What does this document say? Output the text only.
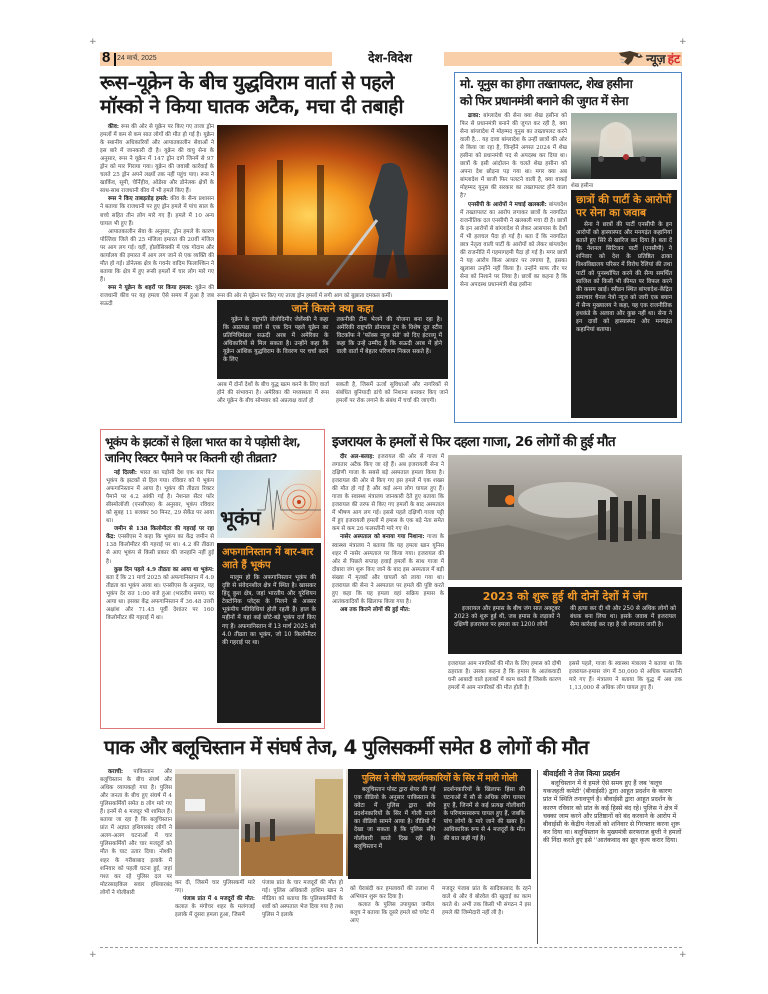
+	+
+	+
8 24 मार्च, 2025	देश-विदेश	न्यूज़ हंट
रूस–यूक्रेन के बीच युद्धविराम वार्ता से पहले
मॉस्को ने किया घातक अटैक, मचा दी तबाही

कीव: रूस की ओर से यूक्रेन पर किए गए ताजा ड्रोन हमलों में कम से कम सात लोगों की मौत हो गई है। यूक्रेन के स्थानीय अधिकारियों और आपातकालीन सेवाओं ने इस बारे में जानकारी दी है। यूक्रेन की वायु सेना के अनुसार, रूस ने यूक्रेन में 147 ड्रोन दागे जिनमें से 97 ड्रोन को मार गिराया गया। यूक्रेन की जवाबी कार्रवाई के चलते 25 ड्रोन अपने लक्ष्यों तक नहीं पहुंच पाए। रूस ने खार्किव, सूमी, चेर्निहीव, ओडेसा और डोनेत्स्क क्षेत्रों के साथ-साथ राजधानी कीव में भी हमले किए हैं।

रूस ने किए ताबड़तोड़ हमले: कीव के सैन्य प्रशासन ने बताया कि राजधानी पर हुए ड्रोन हमले में पांच साल के बच्चे सहित तीन लोग मारे गए हैं। हमले में 10 अन्य घायल भी हुए हैं।

आपातकालीन सेवा के अनुसार, ड्रोन हमले के कारण पोल्तिवा जिले की 25 मंजिला इमारत की 20वीं मंजिल पर आग लग गई। वहीं, होलोसिव्स्की में एक गोदाम और कार्यालय की इमारत में आग लग जाने से एक व्यक्ति की मौत हो गई। डोनेत्स्क क्षेत्र के गवर्नर वादिम फिलाश्किन ने बताया कि क्षेत्र में हुए रूसी हमलों में चार लोग मारे गए हैं।

रूस ने यूक्रेन के शहरों पर किया हमला: यूक्रेन की राजधानी कीव पर यह हमला ऐसे समय में हुआ है जब सऊदी

रूस की ओर से यूक्रेन पर किए गए ताजा ड्रोन हमलों में लगी आग को बुझाता दमकल कर्मी।
जानें किसने क्या कहा
यूक्रेन के राष्ट्रपति वोलोदिमीर जेलेंस्की ने कहा कि अप्रत्यक्ष वार्ता से एक दिन पहले यूक्रेन का प्रतिनिधिमंडल सऊदी अरब में अमेरिका के अधिकारियों से मिल सकता है। उन्होंने कहा कि यूक्रेन आंशिक युद्धविराम के विवरण पर चर्चा करने के लिए
तकनीकी टीम भेजने की योजना बना रहा है। अमेरिकी राष्ट्रपति डोनाल्ड ट्रंप के विशेष दूत स्टीव विटकॉफ ने 'फॉक्स न्यूज संडे' को दिए इंटरव्यू में कहा कि उन्हें उम्मीद है कि सऊदी अरब में होने वाली वार्ता में बेहतर परिणाम निकल सकते हैं।
अरब में दोनों देशों के बीच युद्ध खत्म करने के लिए वार्ता होने की संभावना है। अमेरिका की मध्यस्थता में रूस और यूक्रेन के बीच सोमवार को अप्रत्यक्ष वार्ता हो
सकती है, जिसमें ऊर्जा सुविधाओं और नागरिकों से संबंधित बुनियादी ढांचे को निशाना बनाकर किए जाने हमलों पर रोक लगाने के संबंध में चर्चा की जाएगी।
मो. यूनुस का होगा तख्तापलट, शेख हसीना
को फिर प्रधानमंत्री बनाने की जुगत में सेना

ढाका: बांग्लादेश की सेना क्या शेख हसीना को फिर से प्रधानमंत्री बनाने की जुगत कर रही है, क्या सेना बांग्लादेश में मोहम्मद यूनुस का तख्तापलट करने वाली है... यह दावा बांग्लादेश के उन्हीं छात्रों की ओर से किया जा रहा है, जिन्होंने अगस्त 2024 में शेख हसीना को प्रधानमंत्री पद से अपदस्थ कर दिया था। छात्रों के इसी आंदोलन के चलते शेख हसीना को अपना देश छोड़ना पड़ गया था। मगर क्या अब बांग्लादेश में बाजी फिर पलटने वाली है, क्या वाकई मोहम्मद यूनुस की सरकार का तख्तापलट होने वाला है?

एनसीपी के आरोपों ने मचाई खलबली: बांग्लादेश में तख्तापलट का आरोप लगाकर छात्रों के नवगठित राजनीतिक दल एनसीपी ने खलबली मचा दी है। छात्रों के इन आरोपों से बांग्लादेश से लेकर आसपास के देशों में भी हलचल पैदा हो गई है। बता दें कि नवगठित छात्र नेतृत्व वाली पार्टी के आरोपों को लेकर बांग्लादेश की राजनीति में गहमागहमी पैदा हो गई है। मगर छात्रों ने यह आरोप किस आधार पर लगाया है, इसका खुलासा उन्होंने नहीं किया है। उन्होंने साफ तौर पर सेना को निशाने पर लिया है। छात्रों का कहना है कि सेना अपदस्थ प्रधानमंत्री शेख हसीना

शेख हसीना
छात्रों की पार्टी के आरोपों पर सेना का जवाब
सेना ने छात्रों की पार्टी एनसीपी के इन आरोपों को हास्यास्पद और मनगढ़ंत कहानियां बताते हुए सिरे से खारिज कर दिया है। बता दें कि नेशनल सिटिजन पार्टी (एनसीपी) ने शनिवार को देश के प्रतिष्ठित ढाका विश्वविद्यालय परिसर में विरोध रैलियां की तथा पार्टी को पुनर्स्थापित करने की सैन्य समर्थित साजिश को किसी भी कीमत पर विफल करने की कसम खाई। स्वीडन स्थित बांग्लादेश-केंद्रित समाचार चैनल नेत्रो न्यूज को जारी एक बयान में सैन्य मुख्यालय ने कहा, यह एक राजनीतिक हथकंडे के अलावा और कुछ नहीं था। सेना ने इन दावों को हास्यास्पद और मनगढ़ंत कहानियां बताया।
भूकंप के झटकों से हिला भारत का ये पड़ोसी देश,
जानिए रिक्टर पैमाने पर कितनी रही तीव्रता?

नई दिल्ली: भारत का पड़ोसी देश एक बार फिर भूकंप के झटकों से हिल गया। रविवार को ये भूकंप अफगानिस्तान में आया है। भूकंप की तीव्रता रिक्टर पैमाने पर 4.2 आंकी गई है। नेशनल सेंटर फॉर सीस्मोलॉजी (एनसीएस) के अनुसार, भूकंप रविवार को सुबह 11 बजकर 50 मिनट, 29 सेकेंड पर आया था।

जमीन से 138 किलोमीटर की गहराई पर रहा केंद्र: एनसीएस ने कहा कि भूकंप का केंद्र जमीन से 138 किलोमीटर की गहराई पर था। 4.2 की तीव्रता से आए भूकंप से किसी प्रकार की जनहानि नहीं हुई है।

कुछ दिन पहले 4.9 तीव्रता का आया था भूकंप: बता दें कि 21 मार्च 2025 को अफगानिस्तान में 4.9 तीव्रता का भूकंप आया था। एनसीएस के अनुसार, यह भूकंप देर रात 1:00 बजे हुआ (भारतीय समय) पर आया था। इसका केंद्र अफगानिस्तान में 36.48 उत्तरी अक्षांश और 71.45 पूर्वी देशांतर पर 160 किलोमीटर की गहराई में था।

भूकंप
अफगानिस्तान में बार-बार आते हैं भूकंप
मालूम हो कि अफगानिस्तान भूकंप की दृष्टि से संवेदनशील क्षेत्र में स्थित है। खासकर हिंदू कुश क्षेत्र, जहां भारतीय और यूरेशियन टेक्टोनिक प्लेट्स के मिलने से अक्सर भूकंपीय गतिविधियां होती रहती हैं। हाल के महीनों में यहां कई छोटे-बड़े भूकंप दर्ज किए गए हैं। अफगानिस्तान में 13 मार्च 2025 को 4.0 तीव्रता का भूकंप, जो 10 किलोमीटर की गहराई पर था।
इजरायल के हमलों से फिर दहला गाजा, 26 लोगों की हुई मौत

दीर अल-बलाह: इजरायल की ओर से गाजा में लगातार अटैक किए जा रहे हैं। अब इजरायली सेना ने दक्षिणी गाजा के सबसे बड़े अस्पताल हमला किया है। इजरायल की ओर से किए गए इस हमले में एक शख्स की मौत हो गई है और कई अन्य लोग घायल हुए हैं। गाजा के स्वास्थ्य मंत्रालय जानकारी देते हुए बताया कि इजरायल की तरफ से किए गए हमलों के बाद अस्पताल में भीषण आग लग गई। इससे पहले दक्षिणी गाजा पट्टी में हुए इजरायली हमलों में हमास के एक बड़े नेता समेत कम से कम 26 फलस्तीनी मारे गए थे।

नासेर अस्पताल को बनाया गया निशाना: गाजा के स्वास्थ्य मंत्रालय ने बताया कि यह हमला खान यूनिस शहर में नासेर अस्पताल पर किया गया। इजरायल की ओर से पिछले सप्ताह हवाई हमलों के साथ गाजा में दोबारा जंग शुरू किए जाने के बाद इस अस्पताल में बड़ी संख्या में मृतकों और घायलों को लाया गया था। इजरायल की सेना ने अस्पताल पर हमले की पुष्टि करते हुए कहा कि यह हमला वहां सक्रिय हमास के आतंकवादियों के खिलाफ किया गया है।

अब तक कितने लोगों की हुई मौत:

2023 को शुरू हुई थी दोनों देशों में जंग
इजरायल और हमास के बीच जंग सात अक्टूबर 2023 को शुरू हुई थी, जब हमास के लड़ाकों ने दक्षिणी इजरायल पर हमला कर 1200 लोगों
की हत्या कर दी थी और 250 से अधिक लोगों को बंधक बना लिया था। इसके जवाब में इजरायल सैन्य कार्रवाई कर रहा है जो लगातार जारी है।
इजरायल आम नागरिकों की मौत के लिए हमास को दोषी ठहराता है। उसका कहना है कि हमास के आतंकवादी घनी आबादी वाले इलाकों में काम करते हैं जिसके कारण हमलों में आम नागरिकों की मौत होती है।
इससे पहले, गाजा के स्वास्थ्य मंत्रालय ने बताया था कि इजरायल-हमास जंग में 50,000 से अधिक फलस्तीनी मारे गए हैं। मंत्रालय ने बताया कि युद्ध में अब तक 1,13,000 से अधिक लोग घायल हुए हैं।
पाक और बलूचिस्तान में संघर्ष तेज, 4 पुलिसकर्मी समेत 8 लोगों की मौत

कराची: पाकिस्तान और बलूचिस्तान के बीच संघर्ष और अधिक व्यापकहो गया है। पुलिस और जनता के बीच हुए संघर्ष में 4 पुलिसकर्मियों समेत 8 लोग मारे गए हैं। इनमें से 4 मजदूर भी शामिल हैं। बताया जा रहा है कि बलूचिस्तान प्रांत में अज्ञात हथियारबंद लोगों ने अलग-अलग घटनाओं में चार पुलिसकर्मियों और चार मजदूरों को मौत के घाट उतार दिया। नोश्की शहर के गरीबाबाद इलाके में शनिवार को पहली घटना हुई, जहां गश्त कर रहे पुलिस दल पर मोटरसाइकिल सवार हथियारबंद लोगों ने गोलीबारी

कर दी, जिसमें चार पुलिसकर्मी मारे गए।

पंजाब प्रांत में 4 मजदूरों की मौत: कलात के मंगोचर शहर के मलंगजई इलाके में दूसरा हमला हुआ, जिसमें

पंजाब प्रांत के चार मजदूरों की मौत हो गई। पुलिस अधिकारी हाशिम खान ने मीडिया को बताया कि पुलिसकर्मियों के शवों को अस्पताल भेज दिया गया है तथा पुलिस ने इलाके
पुलिस ने सीधे प्रदर्शनकारियों के सिर में मारी गोली
बलूचिस्तान पोस्ट द्वारा शेयर की गई एक वीडियो के अनुसार पाकिस्तान के क्वेटा में पुलिस द्वारा सीधे प्रदर्शनकारियों के सिर में गोली मारने का वीडियो सामने आया है। वीडियो में देखा जा सकता है कि पुलिस सीधे गोलीबारी करते दिख रही है। बलूचिस्तान में
प्रदर्शनकारियों के खिलाफ हिंसा की घटनाओं में सौ से अधिक लोग घायल हुए हैं, जिनमें से कई प्रत्यक्ष गोलीबारी के परिणामस्वरूप घायल हुए हैं, जबकि पांच लोगों के मारे जाने की खबर है। आधिकारिक रूप से 4 मजदूरों के मौत की बात कही गई है।

को घेराबंदी कर हमलावरों की तलाश में अभियान शुरू कर दिया है।

कलात के पुलिस उपायुक्त जमील बलूच ने बताया कि दूसरे हमले को चपेट में आए

मजदूर पंजाब प्रांत के सादिकाबाद के रहने वाले थे और वे बोरवेल की खुदाई का काम करते थे। अभी तक किसी भी संगठन ने इस हमले की जिम्मेदारी नहीं ली है।
बीवाईसी ने तेज किया प्रदर्शन
बलूचिस्तान में ये हमले ऐसे समय हुए हैं जब 'बलूच यकजहती कमेटी' (बीवाईसी) द्वारा आहूत प्रदर्शन के कारण प्रांत में स्थिति तनावपूर्ण है। बीवाईसी द्वारा आहूत प्रदर्शन के कारण रविवार को प्रांत के कई हिस्से बंद रहे। पुलिस ने क्षेत्र में चक्का जाम करने और प्रतिष्ठानों को बंद करवाने के आरोप में बीवाईसी के केंद्रीय नेताओं को शनिवार से गिरफ्तार करना शुरू कर दिया था। बलूचिस्तान के मुख्यमंत्री सरफराज बुग्ती ने हमलों की निंदा करते हुए इसे ''आतंकवाद का क्रूर कृत्य करार दिया।
